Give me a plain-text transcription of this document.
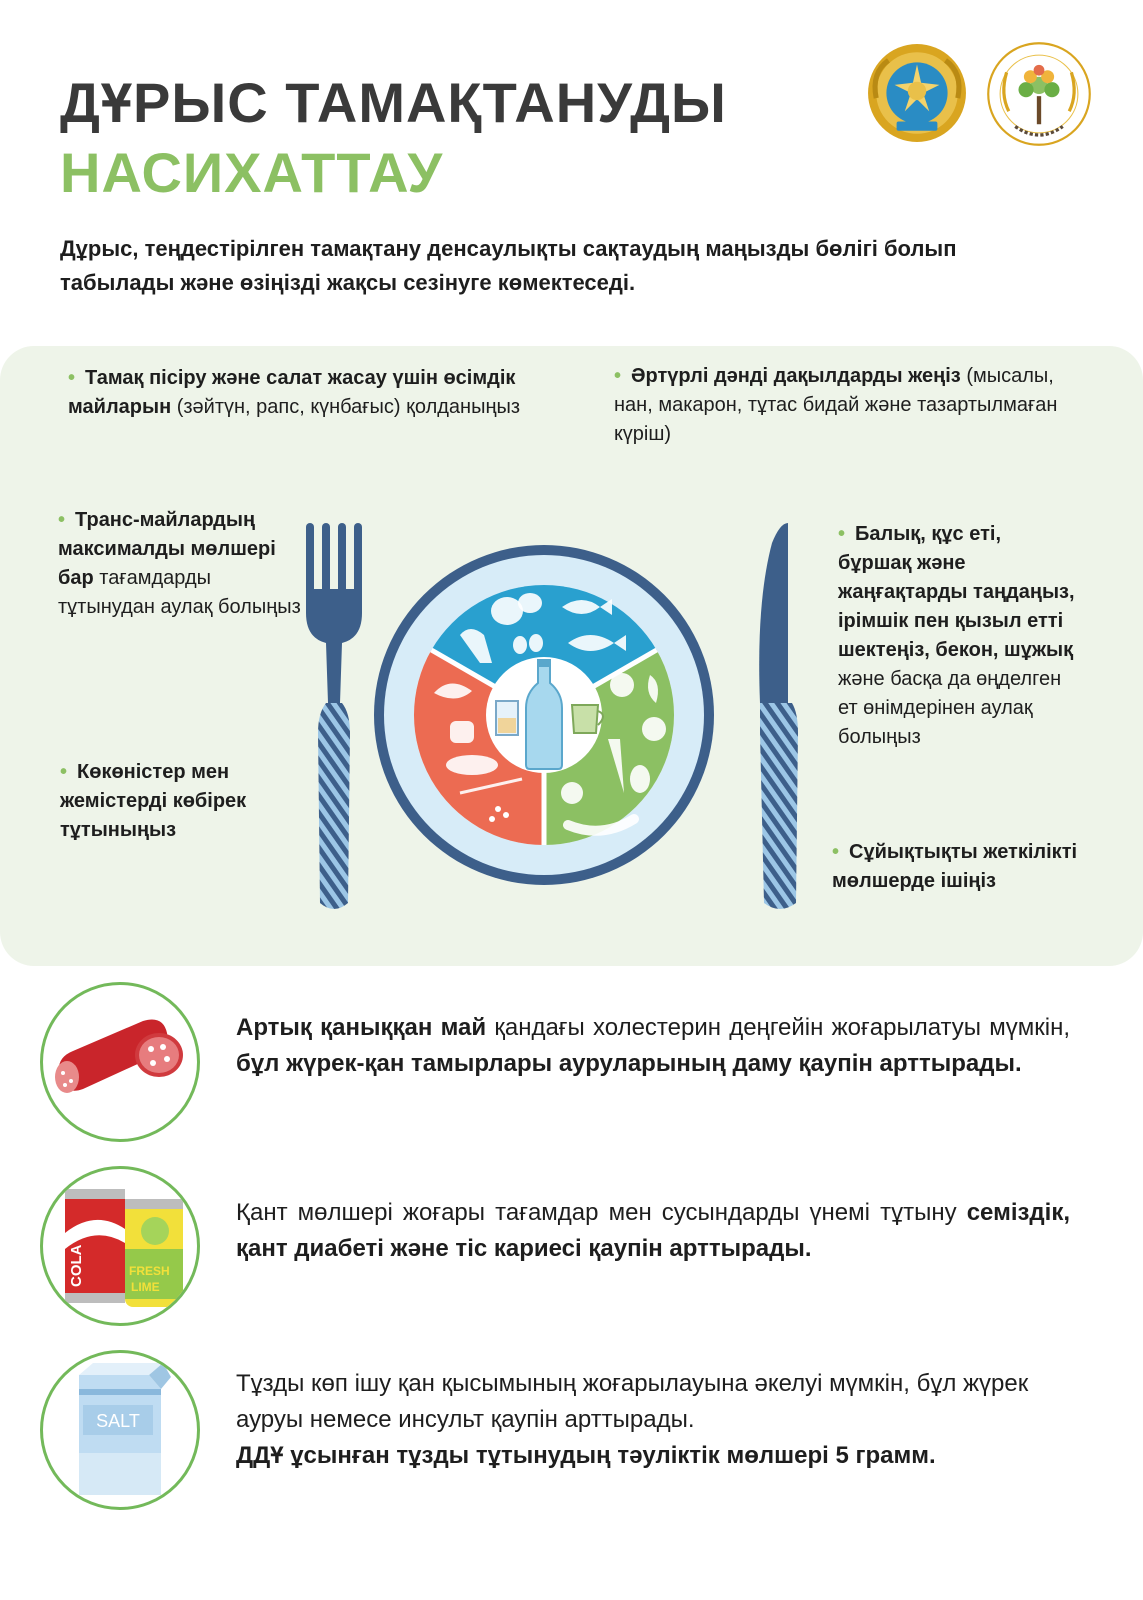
ДҰРЫС ТАМАҚТАНУДЫ
НАСИХАТТАУ

Дұрыс, теңдестірілген тамақтану денсаулықты сақтаудың маңызды бөлігі болып табылады және өзіңізді жақсы сезінуге көмектеседі.

• Тамақ пісіру және салат жасау үшін өсімдік майларын (зәйтүн, рапс, күнбағыс) қолданыңыз
• Әртүрлі дәнді дақылдарды жеңіз (мысалы, нан, макарон, тұтас бидай және тазартылмаған күріш)
• Транс-майлардың максималды мөлшері бар тағамдарды тұтынудан аулақ болыңыз
• Көкөністер мен жемістерді көбірек тұтыныңыз
• Балық, құс еті, бұршақ және жаңғақтарды таңдаңыз, ірімшік пен қызыл етті шектеңіз, бекон, шұжық және басқа да өңделген ет өнімдерінен аулақ болыңыз
• Сұйықтықты жеткілікті мөлшерде ішіңіз

Артық қаныққан май қандағы холестерин деңгейін жоғарылатуы мүмкін, бұл жүрек-қан тамырлары ауруларының даму қаупін арттырады.

COLA	FRESH
LIME

Қант мөлшері жоғары тағамдар мен сусындарды үнемі тұтыну семіздік, қант диабеті және тіс кариесі қаупін арттырады.

SALT

Тұзды көп ішу қан қысымының жоғарылауына әкелуі мүмкін, бұл жүрек ауруы немесе инсульт қаупін арттырады.
ДДҰ ұсынған тұзды тұтынудың тәуліктік мөлшері 5 грамм.
